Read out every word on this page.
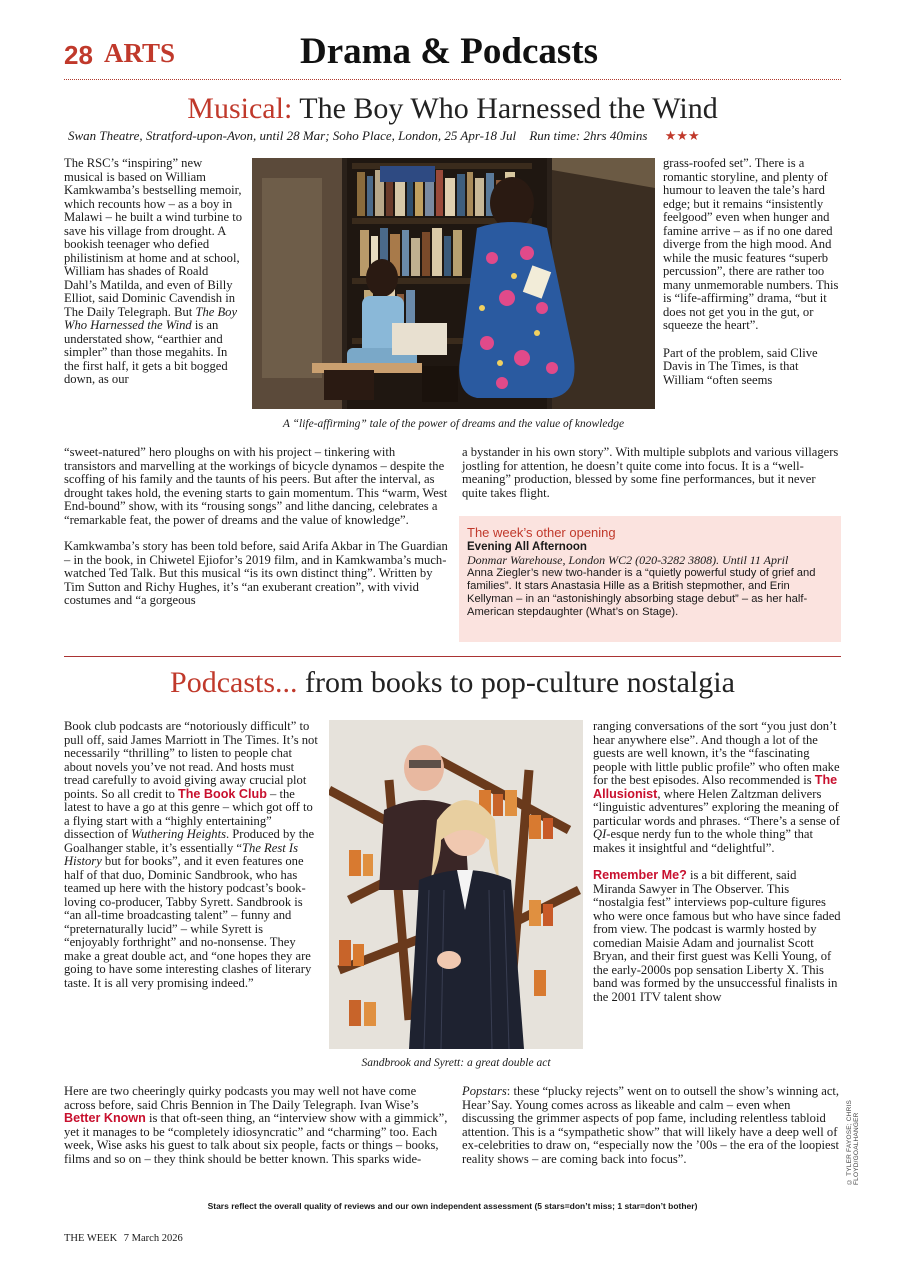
28 ARTS	Drama & Podcasts
Musical: The Boy Who Harnessed the Wind
Swan Theatre, Stratford-upon-Avon, until 28 Mar; Soho Place, London, 25 Apr-18 Jul Run time: 2hrs 40mins ★★★

The RSC’s “inspiring” new musical is based on William Kamkwamba’s bestselling memoir, which recounts how – as a boy in Malawi – he built a wind turbine to save his village from drought. A bookish teenager who defied philistinism at home and at school, William has shades of Roald Dahl’s Matilda, and even of Billy Elliot, said Dominic Cavendish in The Daily Telegraph. But The Boy Who Harnessed the Wind is an understated show, “earthier and simpler” than those megahits. In the first half, it gets a bit bogged down, as our

A “life-affirming” tale of the power of dreams and the value of knowledge

grass-roofed set”. There is a romantic storyline, and plenty of humour to leaven the tale’s hard edge; but it remains “insistently feelgood” even when hunger and famine arrive – as if no one dared diverge from the high mood. And while the music features “superb percussion”, there are rather too many unmemorable numbers. This is “life-affirming” drama, “but it does not get you in the gut, or squeeze the heart”.

Part of the problem, said Clive Davis in The Times, is that William “often seems

“sweet-natured” hero ploughs on with his project – tinkering with transistors and marvelling at the workings of bicycle dynamos – despite the scoffing of his family and the taunts of his peers. But after the interval, as drought takes hold, the evening starts to gain momentum. This “warm, West End-bound” show, with its “rousing songs” and lithe dancing, celebrates a “remarkable feat, the power of dreams and the value of knowledge”.

Kamkwamba’s story has been told before, said Arifa Akbar in The Guardian – in the book, in Chiwetel Ejiofor’s 2019 film, and in Kamkwamba’s much-watched Ted Talk. But this musical “is its own distinct thing”. Written by Tim Sutton and Richy Hughes, it’s “an exuberant creation”, with vivid costumes and “a gorgeous

a bystander in his own story”. With multiple subplots and various villagers jostling for attention, he doesn’t quite come into focus. It is a “well-meaning” production, blessed by some fine performances, but it never quite takes flight.

The week’s other opening
Evening All Afternoon
Donmar Warehouse, London WC2 (020-3282 3808). Until 11 April
Anna Ziegler’s new two-hander is a “quietly powerful study of grief and families”. It stars Anastasia Hille as a British stepmother, and Erin Kellyman – in an “astonishingly absorbing stage debut” – as her half-American stepdaughter (What’s on Stage).
Podcasts... from books to pop-culture nostalgia

Book club podcasts are “notoriously difficult” to pull off, said James Marriott in The Times. It’s not necessarily “thrilling” to listen to people chat about novels you’ve not read. And hosts must tread carefully to avoid giving away crucial plot points. So all credit to The Book Club – the latest to have a go at this genre – which got off to a flying start with a “highly entertaining” dissection of Wuthering Heights. Produced by the Goalhanger stable, it’s essentially “The Rest Is History but for books”, and it even features one half of that duo, Dominic Sandbrook, who has teamed up here with the history podcast’s book-loving co-producer, Tabby Syrett. Sandbrook is “an all-time broadcasting talent” – funny and “preternaturally lucid” – while Syrett is “enjoyably forthright” and no-nonsense. They make a great double act, and “one hopes they are going to have some interesting clashes of literary taste. It is all very promising indeed.”

Sandbrook and Syrett: a great double act

ranging conversations of the sort “you just don’t hear anywhere else”. And though a lot of the guests are well known, it’s the “fascinating people with little public profile” who often make for the best episodes. Also recommended is The Allusionist, where Helen Zaltzman delivers “linguistic adventures” exploring the meaning of particular words and phrases. “There’s a sense of QI-esque nerdy fun to the whole thing” that makes it insightful and “delightful”.

Remember Me? is a bit different, said Miranda Sawyer in The Observer. This “nostalgia fest” interviews pop-culture figures who were once famous but who have since faded from view. The podcast is warmly hosted by comedian Maisie Adam and journalist Scott Bryan, and their first guest was Kelli Young, of the early-2000s pop sensation Liberty X. This band was formed by the unsuccessful finalists in the 2001 ITV talent show

Here are two cheeringly quirky podcasts you may well not have come across before, said Chris Bennion in The Daily Telegraph. Ivan Wise’s Better Known is that oft-seen thing, an “interview show with a gimmick”, yet it manages to be “completely idiosyncratic” and “charming” too. Each week, Wise asks his guest to talk about six people, facts or things – books, films and so on – they think should be better known. This sparks wide-

Popstars: these “plucky rejects” went on to outsell the show’s winning act, Hear’Say. Young comes across as likeable and calm – even when discussing the grimmer aspects of pop fame, including relentless tabloid attention. This is a “sympathetic show” that will likely have a deep well of ex-celebrities to draw on, “especially now the ’00s – the era of the loopiest reality shows – are coming back into focus”.	© TYLER FAYOSE; CHRIS FLOYD/GOALHANGER
Stars reflect the overall quality of reviews and our own independent assessment (5 stars=don’t miss; 1 star=don’t bother)
THE WEEK 7 March 2026
